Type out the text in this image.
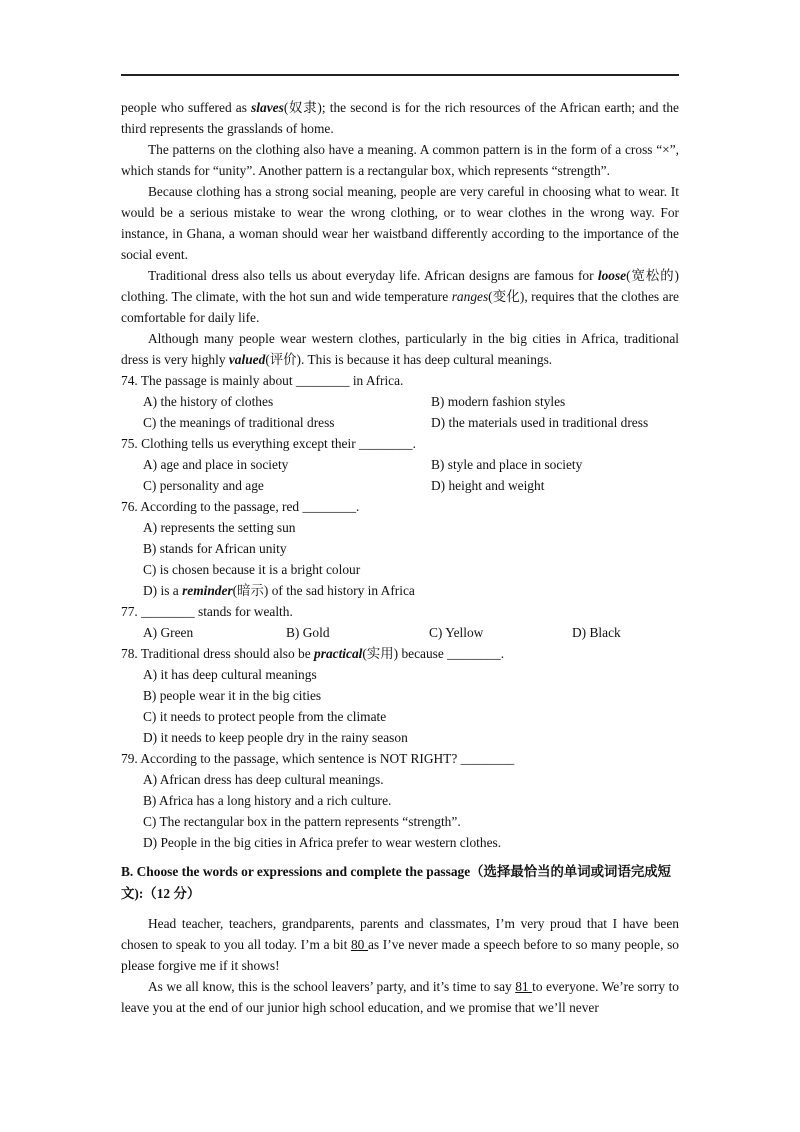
people who suffered as slaves(奴隶); the second is for the rich resources of the African earth; and the third represents the grasslands of home.

The patterns on the clothing also have a meaning. A common pattern is in the form of a cross “×”, which stands for “unity”. Another pattern is a rectangular box, which represents “strength”.

Because clothing has a strong social meaning, people are very careful in choosing what to wear. It would be a serious mistake to wear the wrong clothing, or to wear clothes in the wrong way. For instance, in Ghana, a woman should wear her waistband differently according to the importance of the social event.

Traditional dress also tells us about everyday life. African designs are famous for loose(宽松的) clothing. The climate, with the hot sun and wide temperature ranges(变化), requires that the clothes are comfortable for daily life.

Although many people wear western clothes, particularly in the big cities in Africa, traditional dress is very highly valued(评价). This is because it has deep cultural meanings.

74. The passage is mainly about ________ in Africa.
A) the history of clothes	B) modern fashion styles
C) the meanings of traditional dress	D) the materials used in traditional dress
75. Clothing tells us everything except their ________.
A) age and place in society	B) style and place in society
C) personality and age	D) height and weight
76. According to the passage, red ________.
A) represents the setting sun
B) stands for African unity
C) is chosen because it is a bright colour
D) is a reminder(暗示) of the sad history in Africa
77. ________ stands for wealth.
A) Green	B) Gold	C) Yellow	D) Black
78. Traditional dress should also be practical(实用) because ________.
A) it has deep cultural meanings
B) people wear it in the big cities
C) it needs to protect people from the climate
D) it needs to keep people dry in the rainy season
79. According to the passage, which sentence is NOT RIGHT? ________
A) African dress has deep cultural meanings.
B) Africa has a long history and a rich culture.
C) The rectangular box in the pattern represents “strength”.
D) People in the big cities in Africa prefer to wear western clothes.
B. Choose the words or expressions and complete the passage（选择最恰当的单词或词语完成短文):（12 分）

Head teacher, teachers, grandparents, parents and classmates, I’m very proud that I have been chosen to speak to you all today. I’m a bit 80 as I’ve never made a speech before to so many people, so please forgive me if it shows!

As we all know, this is the school leavers’ party, and it’s time to say 81 to everyone. We’re sorry to leave you at the end of our junior high school education, and we promise that we’ll never
